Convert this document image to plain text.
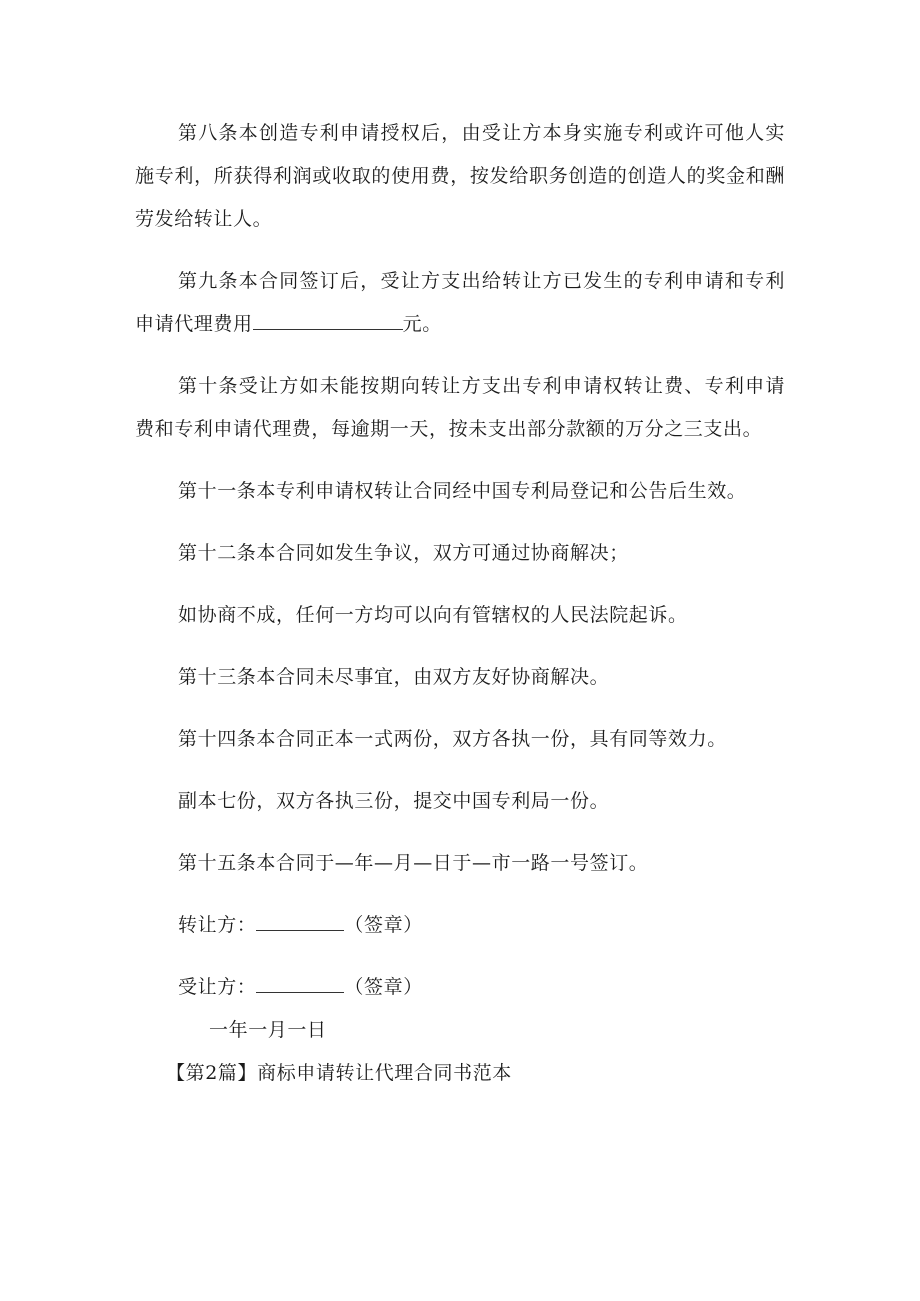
第八条本创造专利申请授权后，由受让方本身实施专利或许可他人实施专利，所获得利润或收取的使用费，按发给职务创造的创造人的奖金和酬劳发给转让人。

第九条本合同签订后，受让方支出给转让方已发生的专利申请和专利申请代理费用	元。

第十条受让方如未能按期向转让方支出专利申请权转让费、专利申请费和专利申请代理费，每逾期一天，按未支出部分款额的万分之三支出。

第十一条本专利申请权转让合同经中国专利局登记和公告后生效。

第十二条本合同如发生争议，双方可通过协商解决；

如协商不成，任何一方均可以向有管辖权的人民法院起诉。

第十三条本合同未尽事宜，由双方友好协商解决。

第十四条本合同正本一式两份，双方各执一份，具有同等效力。

副本七份，双方各执三份，提交中国专利局一份。

第十五条本合同于—年—月—日于—市一路一号签订。

转让方：	（签章）

受让方：	（签章）

一年一月一日

【第2篇】商标申请转让代理合同书范本
